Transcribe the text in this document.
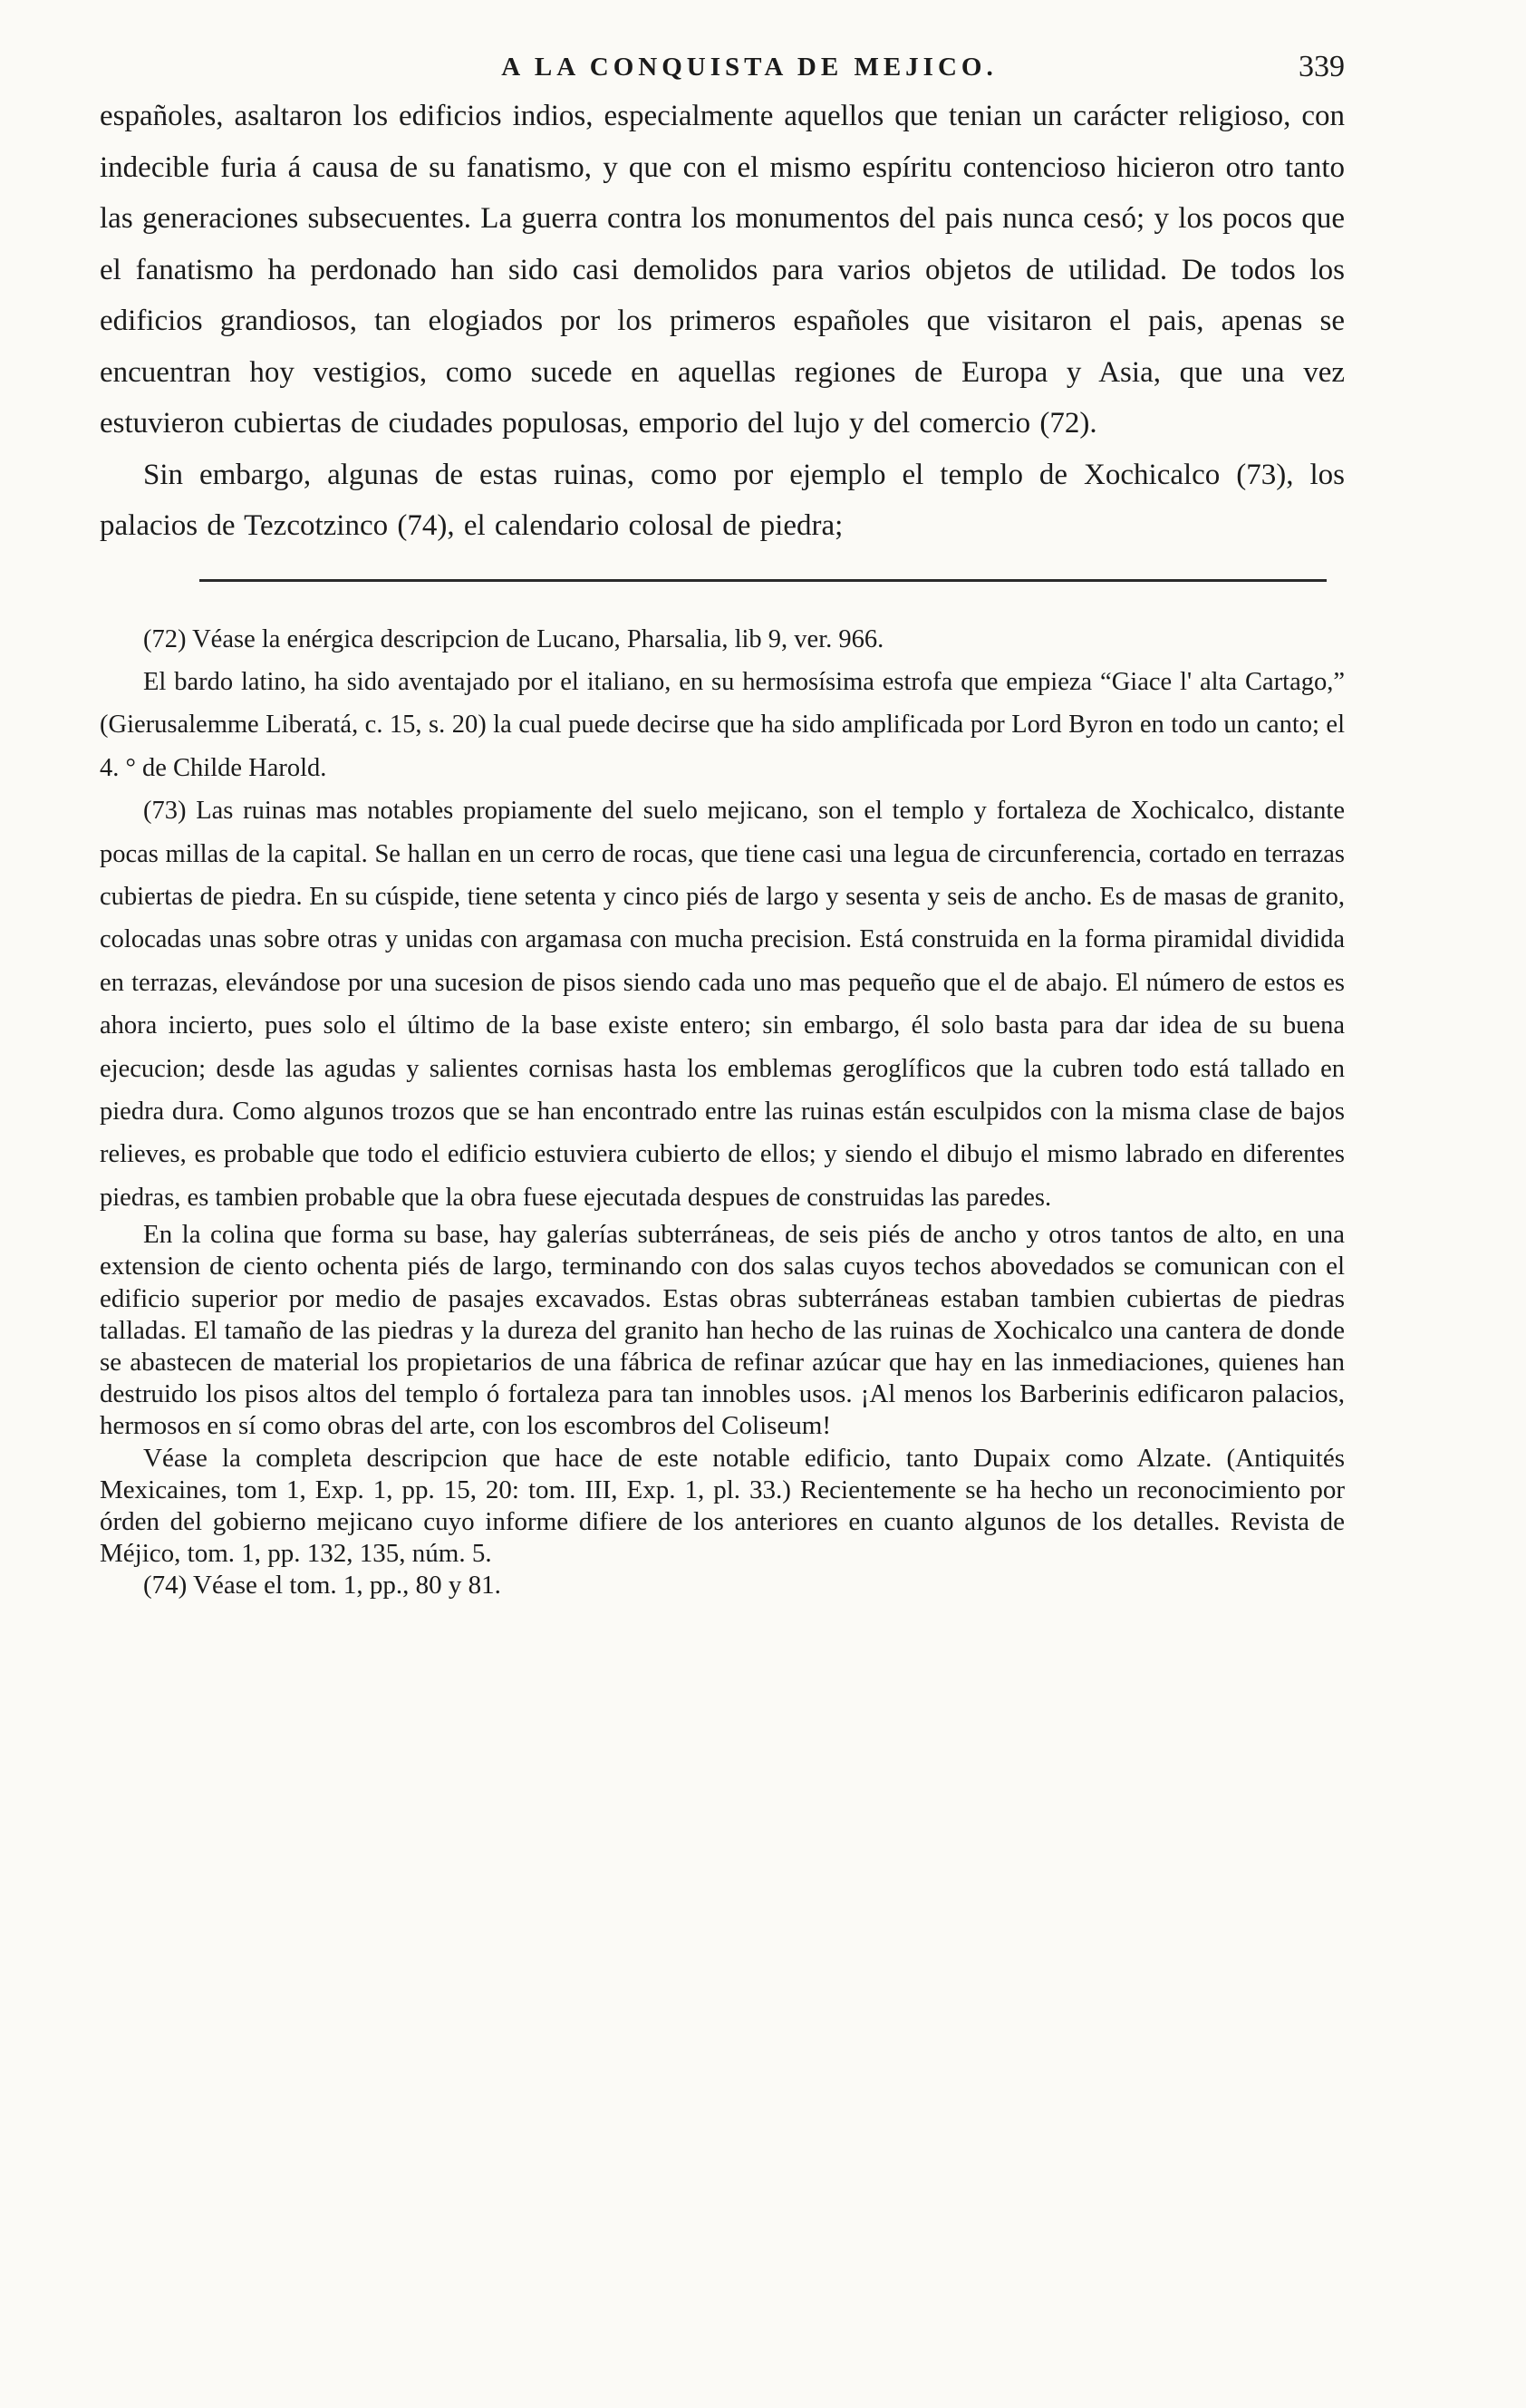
A LA CONQUISTA DE MEJICO.	339

españoles, asaltaron los edificios indios, especialmente aquellos que tenian un carácter religioso, con indecible furia á causa de su fanatismo, y que con el mismo espíritu contencioso hicieron otro tanto las generaciones subsecuentes. La guerra contra los monumentos del pais nunca cesó; y los pocos que el fanatismo ha perdonado han sido casi demolidos para varios objetos de utilidad. De todos los edificios grandiosos, tan elogiados por los primeros españoles que visitaron el pais, apenas se encuentran hoy vestigios, como sucede en aquellas regiones de Europa y Asia, que una vez estuvieron cubiertas de ciudades populosas, emporio del lujo y del comercio (72).

Sin embargo, algunas de estas ruinas, como por ejemplo el templo de Xochicalco (73), los palacios de Tezcotzinco (74), el calendario colosal de piedra;

(72) Véase la enérgica descripcion de Lucano, Pharsalia, lib 9, ver. 966.

El bardo latino, ha sido aventajado por el italiano, en su hermosísima estrofa que empieza “Giace l' alta Cartago,” (Gierusalemme Liberatá, c. 15, s. 20) la cual puede decirse que ha sido amplificada por Lord Byron en todo un canto; el 4. ° de Childe Harold.

(73) Las ruinas mas notables propiamente del suelo mejicano, son el templo y fortaleza de Xochicalco, distante pocas millas de la capital. Se hallan en un cerro de rocas, que tiene casi una legua de circunferencia, cortado en terrazas cubiertas de piedra. En su cúspide, tiene setenta y cinco piés de largo y sesenta y seis de ancho. Es de masas de granito, colocadas unas sobre otras y unidas con argamasa con mucha precision. Está construida en la forma piramidal dividida en terrazas, elevándose por una sucesion de pisos siendo cada uno mas pequeño que el de abajo. El número de estos es ahora incierto, pues solo el último de la base existe entero; sin embargo, él solo basta para dar idea de su buena ejecucion; desde las agudas y salientes cornisas hasta los emblemas geroglíficos que la cubren todo está tallado en piedra dura. Como algunos trozos que se han encontrado entre las ruinas están esculpidos con la misma clase de bajos relieves, es probable que todo el edificio estuviera cubierto de ellos; y siendo el dibujo el mismo labrado en diferentes piedras, es tambien probable que la obra fuese ejecutada despues de construidas las paredes.

En la colina que forma su base, hay galerías subterráneas, de seis piés de ancho y otros tantos de alto, en una extension de ciento ochenta piés de largo, terminando con dos salas cuyos techos abovedados se comunican con el edificio superior por medio de pasajes excavados. Estas obras subterráneas estaban tambien cubiertas de piedras talladas. El tamaño de las piedras y la dureza del granito han hecho de las ruinas de Xochicalco una cantera de donde se abastecen de material los propietarios de una fábrica de refinar azúcar que hay en las inmediaciones, quienes han destruido los pisos altos del templo ó fortaleza para tan innobles usos. ¡Al menos los Barberinis edificaron palacios, hermosos en sí como obras del arte, con los escombros del Coliseum!

Véase la completa descripcion que hace de este notable edificio, tanto Dupaix como Alzate. (Antiquités Mexicaines, tom 1, Exp. 1, pp. 15, 20: tom. III, Exp. 1, pl. 33.) Recientemente se ha hecho un reconocimiento por órden del gobierno mejicano cuyo informe difiere de los anteriores en cuanto algunos de los detalles. Revista de Méjico, tom. 1, pp. 132, 135, núm. 5.

(74) Véase el tom. 1, pp., 80 y 81.
